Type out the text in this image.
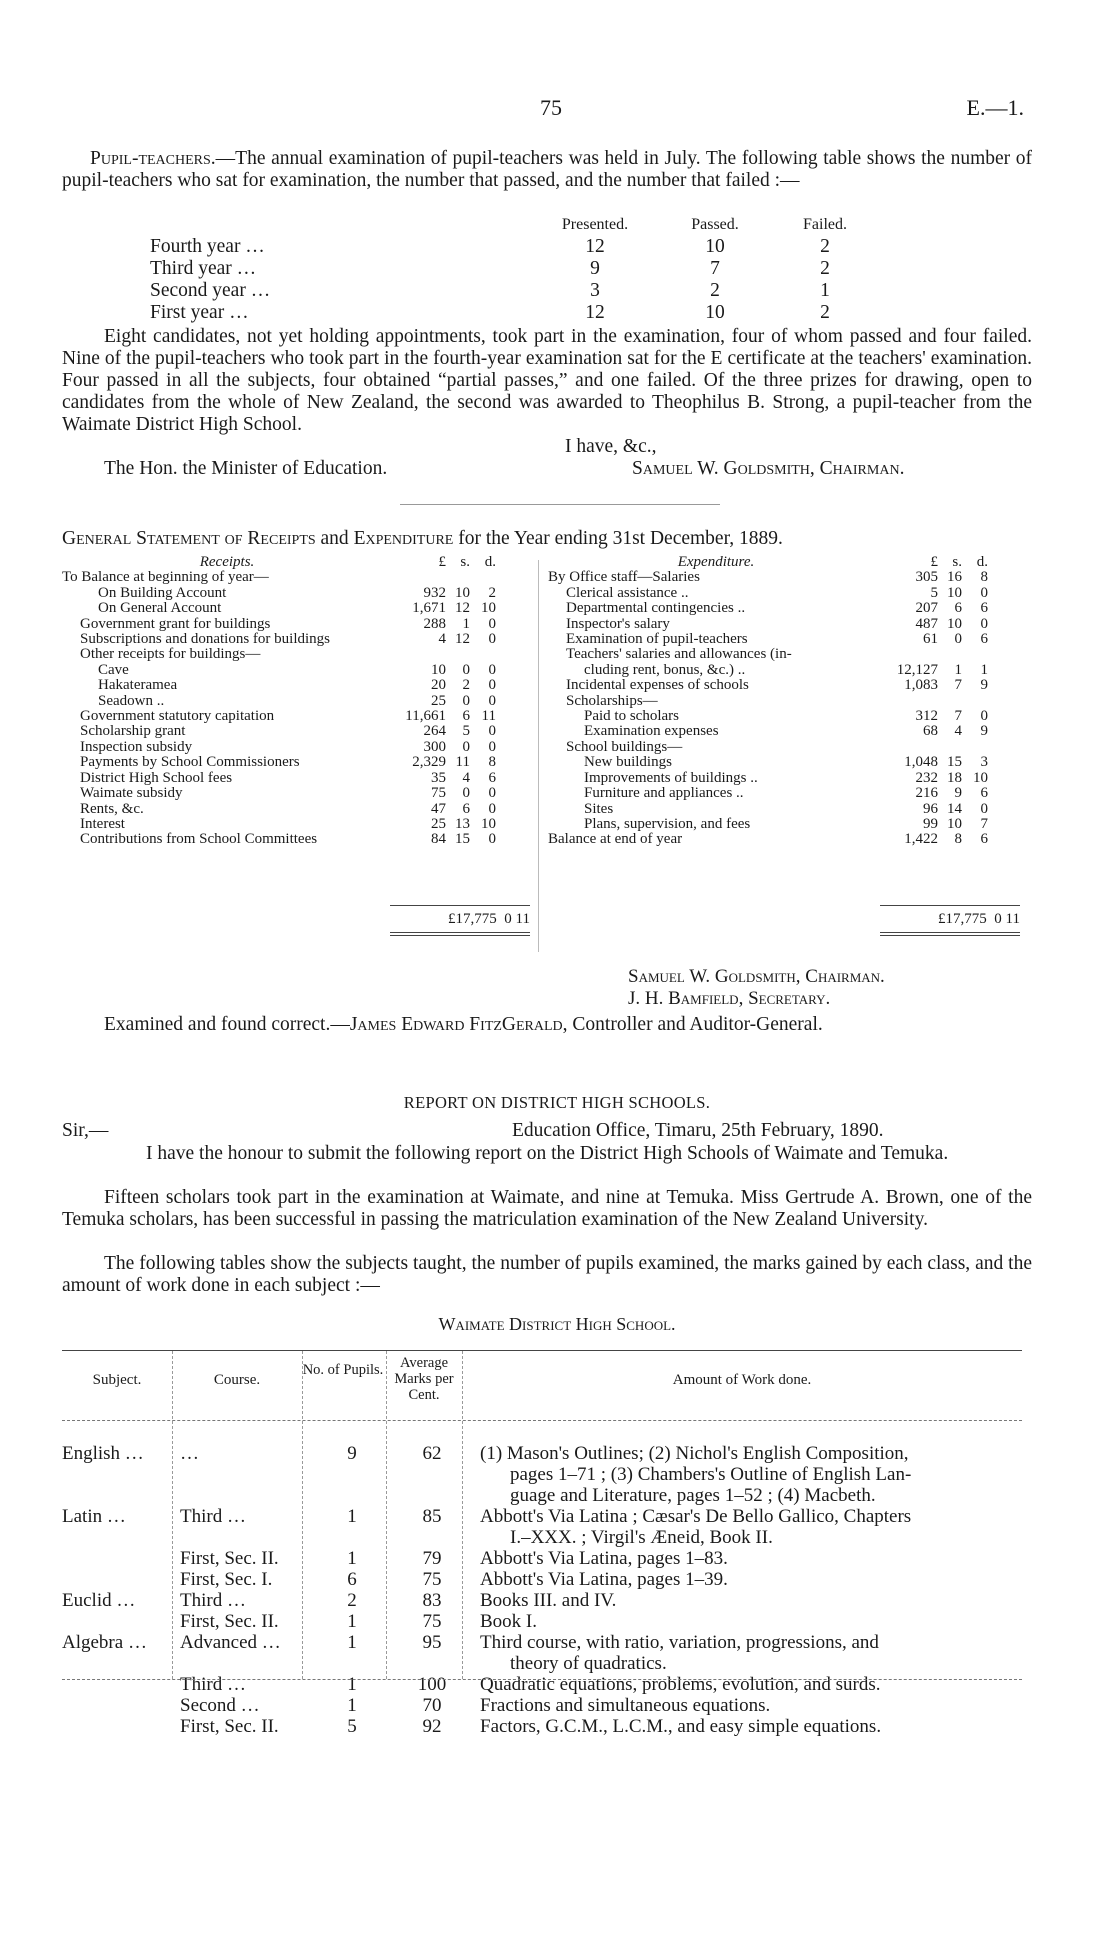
75	E.—1.
Pupil-teachers.—The annual examination of pupil-teachers was held in July. The following table shows the number of pupil-teachers who sat for examination, the number that passed, and the number that failed :—
	Presented.		Passed.		Failed.
Fourth year …	12		10		2
Third year …	9		7		2
Second year …	3		2		1
First year …	12		10		2
Eight candidates, not yet holding appointments, took part in the examination, four of whom passed and four failed. Nine of the pupil-teachers who took part in the fourth-year examination sat for the E certificate at the teachers' examination. Four passed in all the subjects, four obtained “partial passes,” and one failed. Of the three prizes for drawing, open to candidates from the whole of New Zealand, the second was awarded to Theophilus B. Strong, a pupil-teacher from the Waimate District High School.
I have, &c.,
The Hon. the Minister of Education.	Samuel W. Goldsmith, Chairman.
General Statement of Receipts and Expenditure for the Year ending 31st December, 1889.
Receipts.	£	s.	d.
To Balance at beginning of year—			
On Building Account	932	10	2
On General Account	1,671	12	10
Government grant for buildings	288	1	0
Subscriptions and donations for buildings	4	12	0
Other receipts for buildings—			
Cave	10	0	0
Hakateramea	20	2	0
Seadown ..	25	0	0
Government statutory capitation	11,661	6	11
Scholarship grant	264	5	0
Inspection subsidy	300	0	0
Payments by School Commissioners	2,329	11	8
District High School fees	35	4	6
Waimate subsidy	75	0	0
Rents, &c.	47	6	0
Interest	25	13	10
Contributions from School Committees	84	15	0
Expenditure.	£	s.	d.
By Office staff—Salaries	305	16	8
Clerical assistance ..	5	10	0
Departmental contingencies ..	207	6	6
Inspector's salary	487	10	0
Examination of pupil-teachers	61	0	6
Teachers' salaries and allowances (in-			
cluding rent, bonus, &c.) ..	12,127	1	1
Incidental expenses of schools	1,083	7	9
Scholarships—			
Paid to scholars	312	7	0
Examination expenses	68	4	9
School buildings—			
New buildings	1,048	15	3
Improvements of buildings ..	232	18	10
Furniture and appliances ..	216	9	6
Sites	96	14	0
Plans, supervision, and fees	99	10	7
Balance at end of year	1,422	8	6
£17,775 0 11	£17,775 0 11
Samuel W. Goldsmith, Chairman.
J. H. Bamfield, Secretary.
Examined and found correct.—James Edward FitzGerald, Controller and Auditor-General.
REPORT ON DISTRICT HIGH SCHOOLS.
Sir,—	Education Office, Timaru, 25th February, 1890.
I have the honour to submit the following report on the District High Schools of Waimate and Temuka.
Fifteen scholars took part in the examination at Waimate, and nine at Temuka. Miss Gertrude A. Brown, one of the Temuka scholars, has been successful in passing the matriculation examination of the New Zealand University.
The following tables show the subjects taught, the number of pupils examined, the marks gained by each class, and the amount of work done in each subject :—
Waimate District High School.
Subject.	Course.
No. of Pupils.	Average Marks per Cent.
Amount of Work done.
English …	…	9	62	(1) Mason's Outlines; (2) Nichol's English Composition,
pages 1–71 ; (3) Chambers's Outline of English Lan-
guage and Literature, pages 1–52 ; (4) Macbeth.

Latin …	Third …	1	85	Abbott's Via Latina ; Cæsar's De Bello Gallico, Chapters
I.–XXX. ; Virgil's Æneid, Book II.

	First, Sec. II.	1	79	Abbott's Via Latina, pages 1–83.

	First, Sec. I.	6	75	Abbott's Via Latina, pages 1–39.

Euclid …	Third …	2	83	Books III. and IV.

	First, Sec. II.	1	75	Book I.

Algebra …	Advanced …	1	95	Third course, with ratio, variation, progressions, and
theory of quadratics.

	Third …	1	100	Quadratic equations, problems, evolution, and surds.

	Second …	1	70	Fractions and simultaneous equations.

	First, Sec. II.	5	92	Factors, G.C.M., L.C.M., and easy simple equations.
